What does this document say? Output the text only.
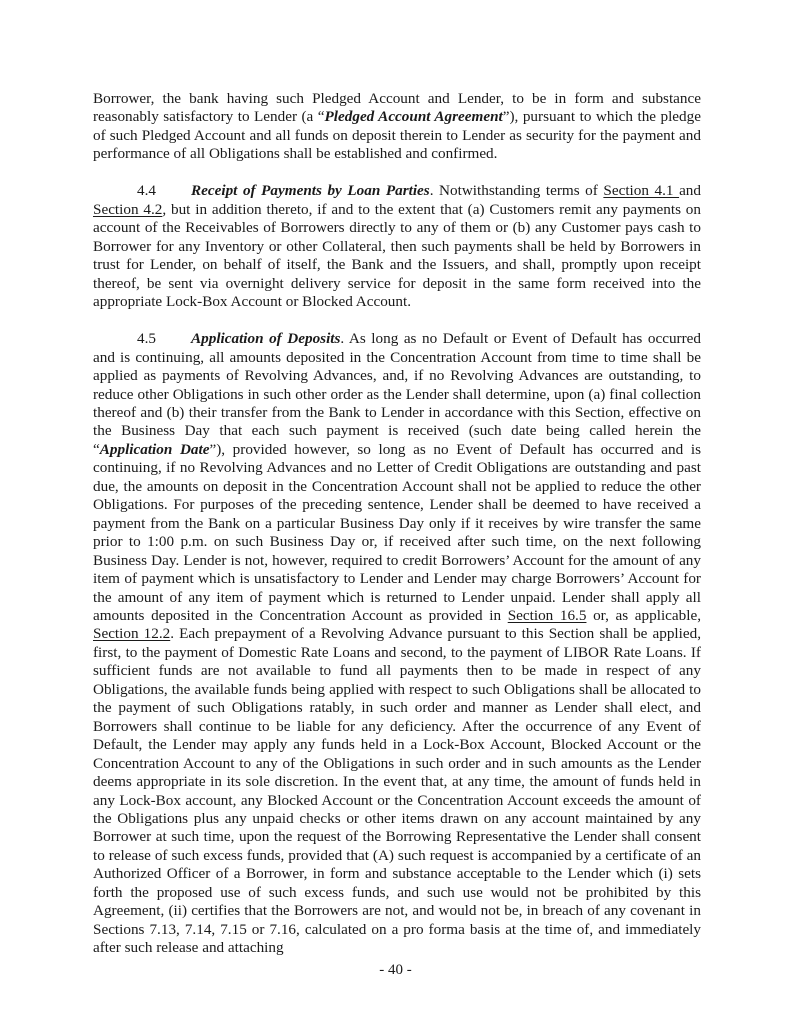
Borrower, the bank having such Pledged Account and Lender, to be in form and substance reasonably satisfactory to Lender (a “Pledged Account Agreement”), pursuant to which the pledge of such Pledged Account and all funds on deposit therein to Lender as security for the payment and performance of all Obligations shall be established and confirmed.

4.4 Receipt of Payments by Loan Parties. Notwithstanding terms of Section 4.1 and Section 4.2, but in addition thereto, if and to the extent that (a) Customers remit any payments on account of the Receivables of Borrowers directly to any of them or (b) any Customer pays cash to Borrower for any Inventory or other Collateral, then such payments shall be held by Borrowers in trust for Lender, on behalf of itself, the Bank and the Issuers, and shall, promptly upon receipt thereof, be sent via overnight delivery service for deposit in the same form received into the appropriate Lock-Box Account or Blocked Account.

4.5 Application of Deposits. As long as no Default or Event of Default has occurred and is continuing, all amounts deposited in the Concentration Account from time to time shall be applied as payments of Revolving Advances, and, if no Revolving Advances are outstanding, to reduce other Obligations in such other order as the Lender shall determine, upon (a) final collection thereof and (b) their transfer from the Bank to Lender in accordance with this Section, effective on the Business Day that each such payment is received (such date being called herein the “Application Date”), provided however, so long as no Event of Default has occurred and is continuing, if no Revolving Advances and no Letter of Credit Obligations are outstanding and past due, the amounts on deposit in the Concentration Account shall not be applied to reduce the other Obligations. For purposes of the preceding sentence, Lender shall be deemed to have received a payment from the Bank on a particular Business Day only if it receives by wire transfer the same prior to 1:00 p.m. on such Business Day or, if received after such time, on the next following Business Day. Lender is not, however, required to credit Borrowers’ Account for the amount of any item of payment which is unsatisfactory to Lender and Lender may charge Borrowers’ Account for the amount of any item of payment which is returned to Lender unpaid. Lender shall apply all amounts deposited in the Concentration Account as provided in Section 16.5 or, as applicable, Section 12.2. Each prepayment of a Revolving Advance pursuant to this Section shall be applied, first, to the payment of Domestic Rate Loans and second, to the payment of LIBOR Rate Loans. If sufficient funds are not available to fund all payments then to be made in respect of any Obligations, the available funds being applied with respect to such Obligations shall be allocated to the payment of such Obligations ratably, in such order and manner as Lender shall elect, and Borrowers shall continue to be liable for any deficiency. After the occurrence of any Event of Default, the Lender may apply any funds held in a Lock-Box Account, Blocked Account or the Concentration Account to any of the Obligations in such order and in such amounts as the Lender deems appropriate in its sole discretion. In the event that, at any time, the amount of funds held in any Lock-Box account, any Blocked Account or the Concentration Account exceeds the amount of the Obligations plus any unpaid checks or other items drawn on any account maintained by any Borrower at such time, upon the request of the Borrowing Representative the Lender shall consent to release of such excess funds, provided that (A) such request is accompanied by a certificate of an Authorized Officer of a Borrower, in form and substance acceptable to the Lender which (i) sets forth the proposed use of such excess funds, and such use would not be prohibited by this Agreement, (ii) certifies that the Borrowers are not, and would not be, in breach of any covenant in Sections 7.13, 7.14, 7.15 or 7.16, calculated on a pro forma basis at the time of, and immediately after such release and attaching

- 40 -
